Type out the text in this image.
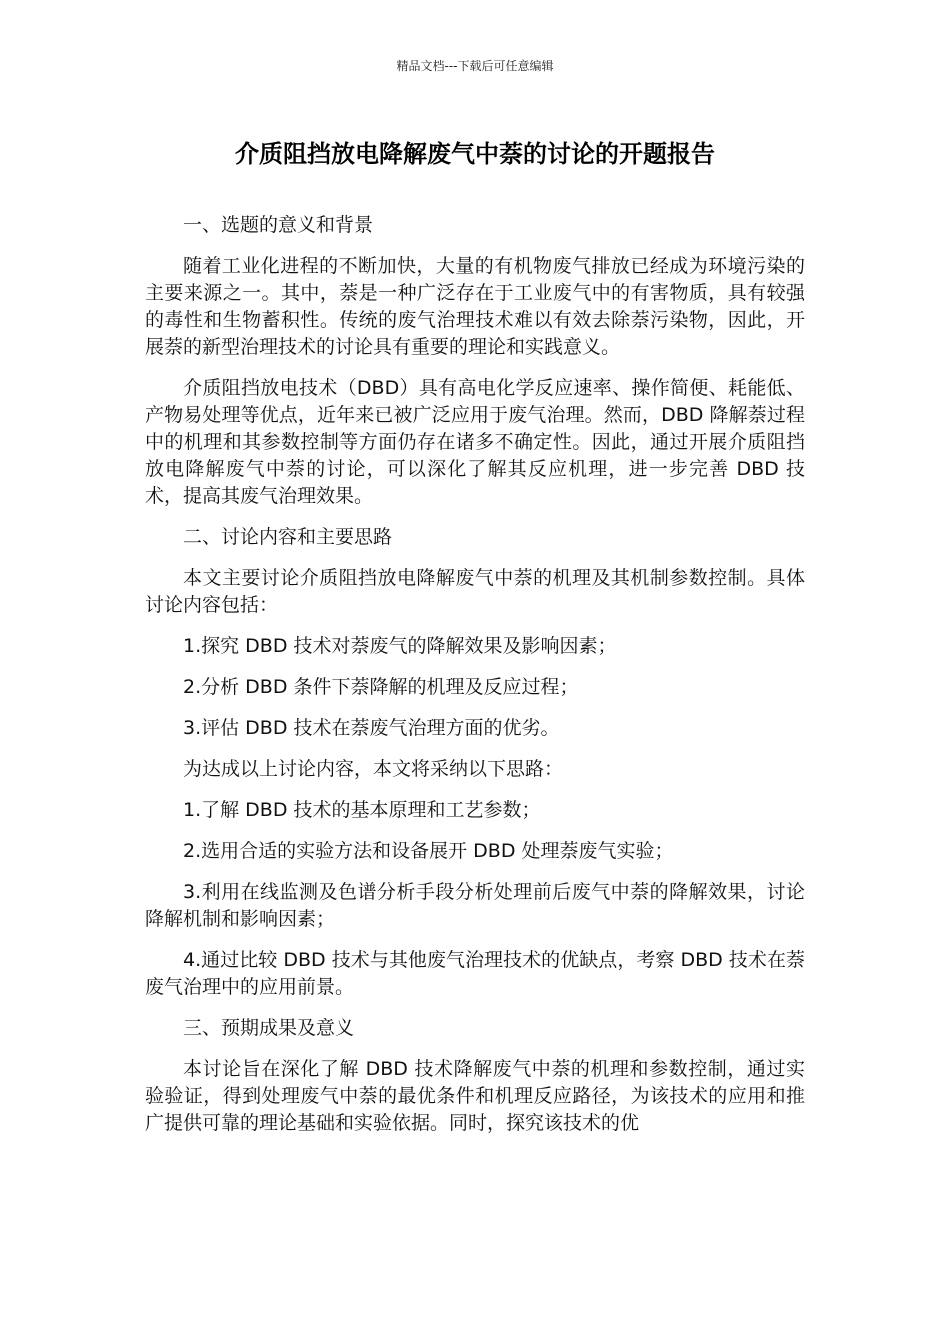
精品文档---下载后可任意编辑
介质阻挡放电降解废气中萘的讨论的开题报告

一、选题的意义和背景

随着工业化进程的不断加快，大量的有机物废气排放已经成为环境污染的主要来源之一。其中，萘是一种广泛存在于工业废气中的有害物质，具有较强的毒性和生物蓄积性。传统的废气治理技术难以有效去除萘污染物，因此，开展萘的新型治理技术的讨论具有重要的理论和实践意义。

介质阻挡放电技术（DBD）具有高电化学反应速率、操作简便、耗能低、产物易处理等优点，近年来已被广泛应用于废气治理。然而，DBD 降解萘过程中的机理和其参数控制等方面仍存在诸多不确定性。因此，通过开展介质阻挡放电降解废气中萘的讨论，可以深化了解其反应机理，进一步完善 DBD 技术，提高其废气治理效果。

二、讨论内容和主要思路

本文主要讨论介质阻挡放电降解废气中萘的机理及其机制参数控制。具体讨论内容包括：

1.探究 DBD 技术对萘废气的降解效果及影响因素；

2.分析 DBD 条件下萘降解的机理及反应过程；

3.评估 DBD 技术在萘废气治理方面的优劣。

为达成以上讨论内容，本文将采纳以下思路：

1.了解 DBD 技术的基本原理和工艺参数；

2.选用合适的实验方法和设备展开 DBD 处理萘废气实验；

3.利用在线监测及色谱分析手段分析处理前后废气中萘的降解效果，讨论降解机制和影响因素；

4.通过比较 DBD 技术与其他废气治理技术的优缺点，考察 DBD 技术在萘废气治理中的应用前景。

三、预期成果及意义

本讨论旨在深化了解 DBD 技术降解废气中萘的机理和参数控制，通过实验验证，得到处理废气中萘的最优条件和机理反应路径，为该技术的应用和推广提供可靠的理论基础和实验依据。同时，探究该技术的优
